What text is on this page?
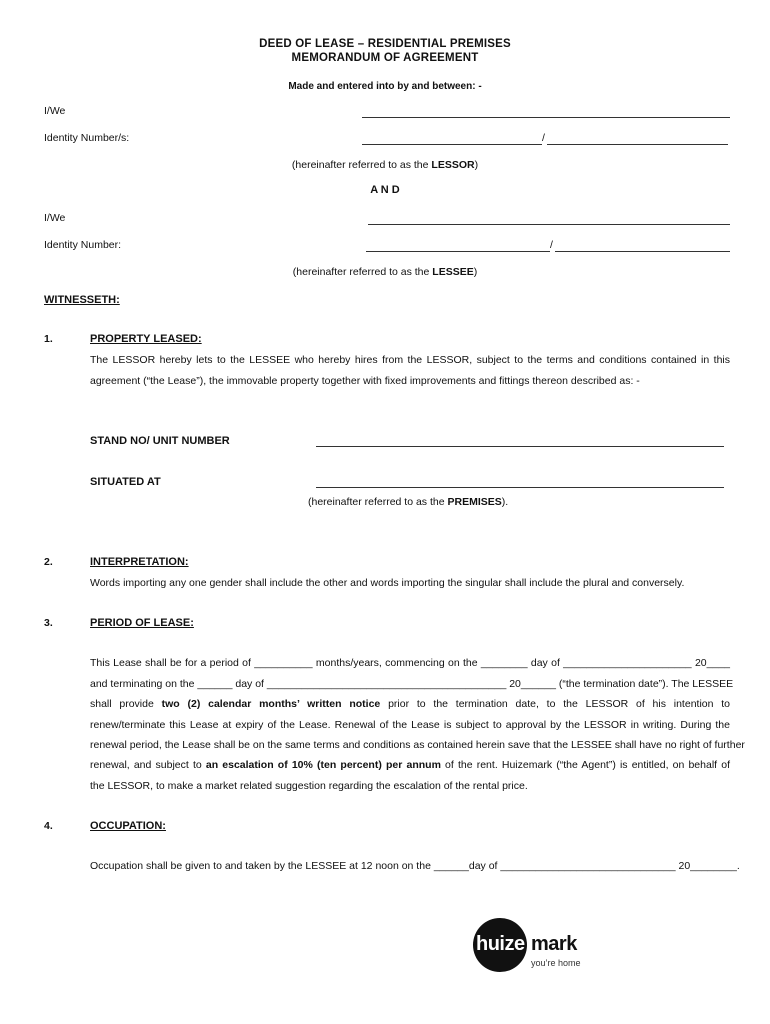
DEED OF LEASE – RESIDENTIAL PREMISES
MEMORANDUM OF AGREEMENT
Made and entered into by and between: -
I/We
Identity Number/s:	/
(hereinafter referred to as the LESSOR)
A N D
I/We
Identity Number:	/
(hereinafter referred to as the LESSEE)
WITNESSETH:
1.	PROPERTY LEASED:
The LESSOR hereby lets to the LESSEE who hereby hires from the LESSOR, subject to the terms and conditions contained in this
agreement (“the Lease”), the immovable property together with fixed improvements and fittings thereon described as: -
STAND NO/ UNIT NUMBER
SITUATED AT
(hereinafter referred to as the PREMISES).
2.	INTERPRETATION:
Words importing any one gender shall include the other and words importing the singular shall include the plural and conversely.
3.	PERIOD OF LEASE:
This Lease shall be for a period of __________ months/years, commencing on the ________ day of ______________________ 20____
and terminating on the ______ day of _________________________________________ 20______ (“the termination date”). The LESSEE
shall provide two (2) calendar months’ written notice prior to the termination date, to the LESSOR of his intention to
renew/terminate this Lease at expiry of the Lease. Renewal of the Lease is subject to approval by the LESSOR in writing. During the
renewal period, the Lease shall be on the same terms and conditions as contained herein save that the LESSEE shall have no right of further
renewal, and subject to an escalation of 10% (ten percent) per annum of the rent. Huizemark (“the Agent”) is entitled, on behalf of
the LESSOR, to make a market related suggestion regarding the escalation of the rental price.
4.	OCCUPATION:
Occupation shall be given to and taken by the LESSEE at 12 noon on the ______day of ______________________________ 20________.
huize mark
you’re home
